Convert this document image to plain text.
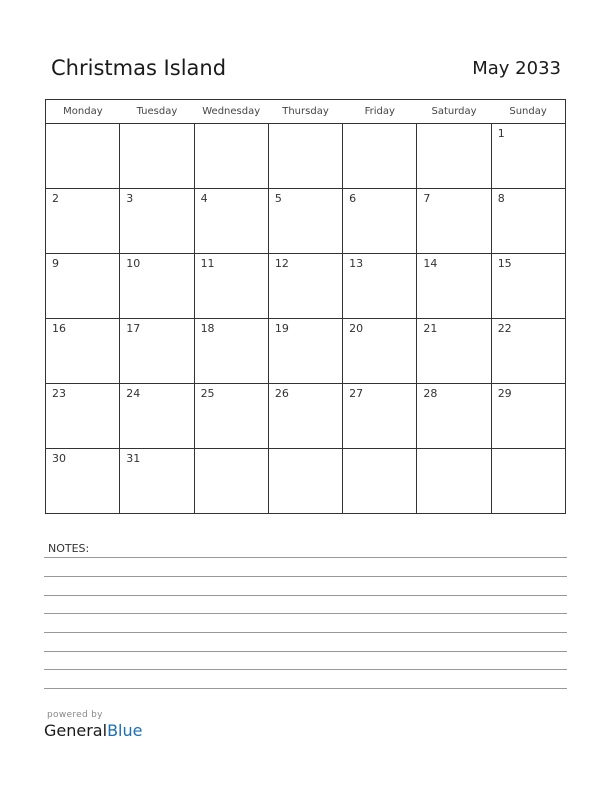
Christmas Island	May 2033
Monday	Tuesday	Wednesday	Thursday	Friday	Saturday	Sunday

						1

2	3	4	5	6	7	8

9	10	11	12	13	14	15

16	17	18	19	20	21	22

23	24	25	26	27	28	29

30	31					

NOTES:
powered by
GeneralBlue
